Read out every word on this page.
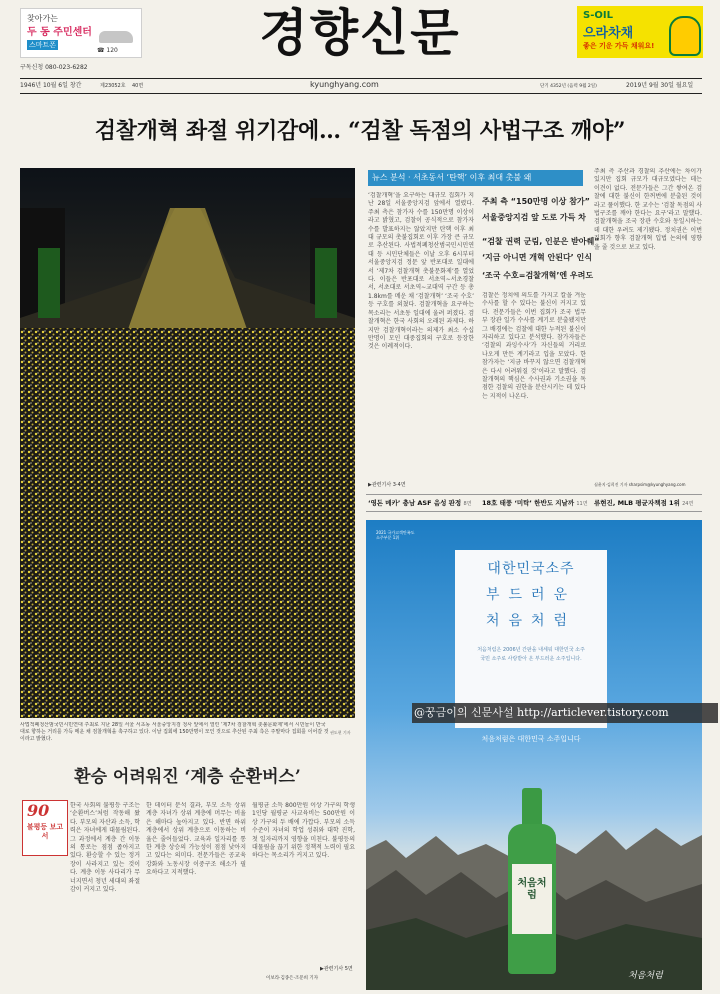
찾아가는
두 동 주민센터
스마트폰
☎ 120	경향신문	S-OIL
으라차채
좋은 기운 가득 채워요!
구독신청 080-023-6282
1946년 10월 6일 창간	제23052호 40면	kyunghyang.com	단기 4352년 (음력 9월 2일)	2019년 9월 30일 월요일
검찰개혁 좌절 위기감에… “검찰 독점의 사법구조 깨야”
사법적폐청산범국민시민연대 주최로 지난 28일 서울 서초동 서울중앙지검 청사 앞에서 열린 ‘제7차 검찰개혁 촛불문화제’에서 시민들이 반국대로 향하는 거리를 가득 메운 채 검찰개혁을 촉구하고 있다. 이날 집회에 150만명이 모인 것으로 추산된 주최 측은 주말마다 집회를 이어갈 것이라고 밝혔다.
권도현 기자
뉴스 분석 · 서초동서 ‘탄핵’ 이후 최대 촛불 왜
‘검찰개혁’을 요구하는 대규모 집회가 지난 28일 서울중앙지검 앞에서 열렸다. 주최 측은 참가자 수를 150만명 이상이라고 밝혔고, 검찰이 공식적으로 참가자 수를 발표하지는 않았지만 탄핵 이후 최대 규모의 촛불집회로 이후 가장 큰 규모로 추산된다. 사법적폐청산범국민시민연대 등 시민단체들은 이날 오후 6시부터 서울중앙지검 정문 앞 반포대로 일대에서 ‘제7차 검찰개혁 촛불문화제’를 열었다. 이들은 반포대로 서초역∼서초경찰서, 서초대로 서초역∼교대역 구간 등 총 1.8km를 메운 채 ‘검찰개혁’ ‘조국 수호’ 등 구호를 외쳤다. 검찰개혁을 요구하는 목소리는 서초동 일대에 울려 퍼졌다. 검찰개혁은 한국 사회의 오래된 과제다. 하지만 검찰개혁이라는 의제가 최소 수십만명이 모인 대중집회의 구호로 등장한 것은 이례적이다.
▶관련기사 3·4면
주최 측 “150만명 이상 참가”
서울중앙지검 앞 도로 가득 차
“검찰 권력 군림, 인분은 받아쒜”
‘지금 아니면 개혁 안된다’ 인식
‘조국 수호=검찰개혁’엔 우려도
검찰은 정치에 의도를 가지고 칼을 겨눈 수사를 할 수 있다는 불신이 커지고 있다. 전문가들은 이번 집회가 조국 법무부 장관 일가 수사를 계기로 분출됐지만 그 배경에는 검찰에 대한 누적된 불신이 자리하고 있다고 분석했다. 참가자들은 ‘검찰의 과잉수사’가 자신들의 거리로 나오게 만든 계기라고 입을 모았다. 한 참가자는 ‘지금 바꾸지 않으면 검찰개혁은 다시 어려워질 것’이라고 말했다. 검찰개혁의 핵심은 수사권과 기소권을 독점한 검찰의 권한을 분산시키는 데 있다는 지적이 나온다.
주최 측 추산과 경찰의 추산에는 차이가 있지만 집회 규모가 대규모였다는 데는 이견이 없다. 전문가들은 그간 쌓여온 검찰에 대한 불신이 한꺼번에 분출된 것이라고 풀이했다. 한 교수는 ‘검찰 독점의 사법구조를 깨야 한다는 요구’라고 말했다. 검찰개혁을 조국 장관 수호와 동일시하는 데 대한 우려도 제기됐다. 정치권은 이번 집회가 향후 검찰개혁 입법 논의에 영향을 줄 것으로 보고 있다.
심윤지·김희진 기자 sharpsim@kyunghyang.com
‘영돈 메카’ 충남 ASF 음성 판정 8면 18호 태풍 ‘미탁’ 한반도 지날까 11면 류현진, MLB 평균자책점 1위 24면
환승 어려워진 ‘계층 순환버스’
90
불평등 보고서
한국 사회의 불평등 구조는 ‘순환버스’처럼 작동해 왔다. 부모의 자산과 소득, 학력은 자녀에게 대물림된다. 그 과정에서 계층 간 이동의 통로는 점점 좁아지고 있다. 환승할 수 있는 정거장이 사라지고 있는 것이다. 계층 이동 사다리가 무너지면서 청년 세대의 좌절감이 커지고 있다.
한 데이터 분석 결과, 부모 소득 상위 계층 자녀가 상위 계층에 머무는 비율은 해마다 높아지고 있다. 반면 하위 계층에서 상위 계층으로 이동하는 비율은 줄어들었다. 교육과 일자리를 통한 계층 상승의 가능성이 점점 낮아지고 있다는 의미다. 전문가들은 공교육 강화와 노동시장 이중구조 해소가 필요하다고 지적했다.
월평균 소득 800만원 이상 가구의 학생 1인당 월평균 사교육비는 500만원 이상 가구의 두 배에 가깝다. 부모의 소득 수준이 자녀의 학업 성취와 대학 진학, 첫 일자리까지 영향을 미친다. 불평등의 대물림을 끊기 위한 정책적 노력이 필요하다는 목소리가 커지고 있다.
▶관련기사 5면
이보라·김종은·조문희 기자
2021 국가고객만족도 소주부문 1위
대한민국소주
부드러운
처음처럼
처음처럼은 2006년 간판을 내세워 대한민국 소주 국민 소주로 사랑받아 온 부드러운 소주입니다.
처음처럼은 대한민국 소주입니다
처음처럼
처음처럼
@꿍금이의 신문사설 http://articlever.tistory.com
